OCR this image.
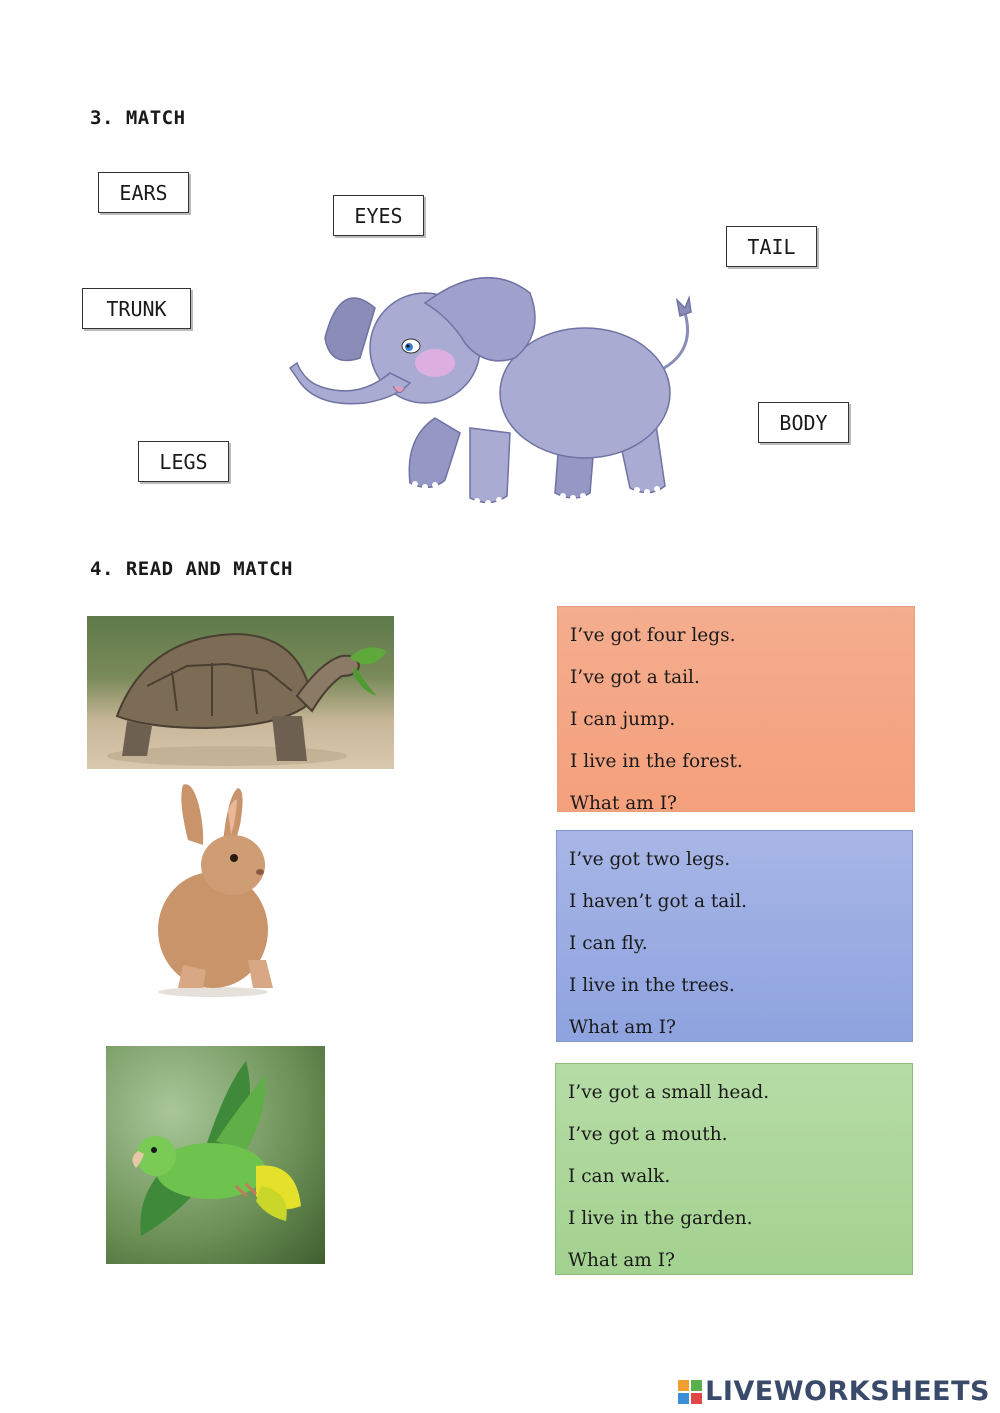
3. MATCH
EARS
EYES
TAIL
TRUNK
BODY
LEGS
4. READ AND MATCH
I’ve got four legs.
I’ve got a tail.
I can jump.
I live in the forest.
What am I?
I’ve got two legs.
I haven’t got a tail.
I can fly.
I live in the trees.
What am I?
I’ve got a small head.
I’ve got a mouth.
I can walk.
I live in the garden.
What am I?
LIVEWORKSHEETS
